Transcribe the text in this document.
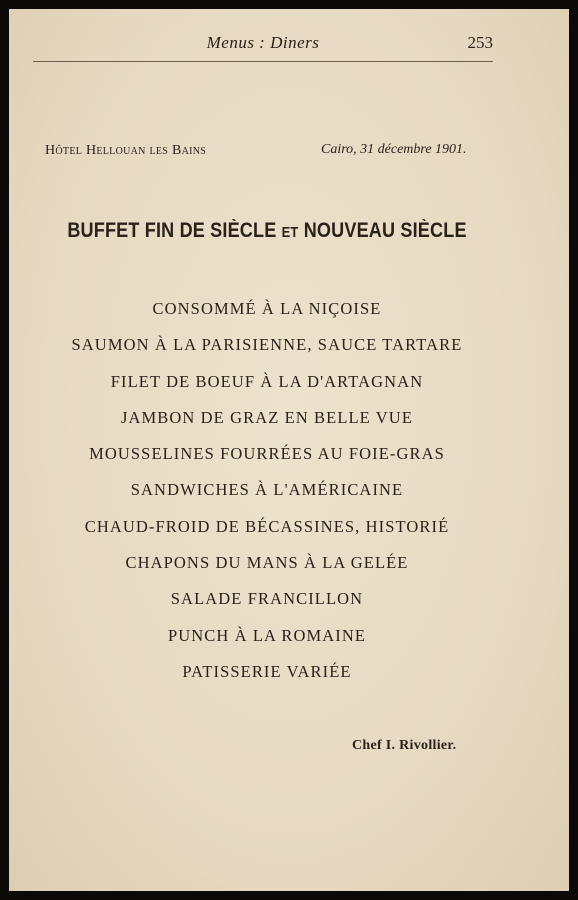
Menus : Diners	253
Hôtel Hellouan les Bains	Cairo, 31 décembre 1901.
BUFFET FIN DE SIÈCLE ET NOUVEAU SIÈCLE
CONSOMMÉ À LA NIÇOISE
SAUMON À LA PARISIENNE, SAUCE TARTARE
FILET DE BOEUF À LA D'ARTAGNAN
JAMBON DE GRAZ EN BELLE VUE
MOUSSELINES FOURRÉES AU FOIE-GRAS
SANDWICHES À L'AMÉRICAINE
CHAUD-FROID DE BÉCASSINES, HISTORIÉ
CHAPONS DU MANS À LA GELÉE
SALADE FRANCILLON
PUNCH À LA ROMAINE
PATISSERIE VARIÉE
Chef I. Rivollier.
